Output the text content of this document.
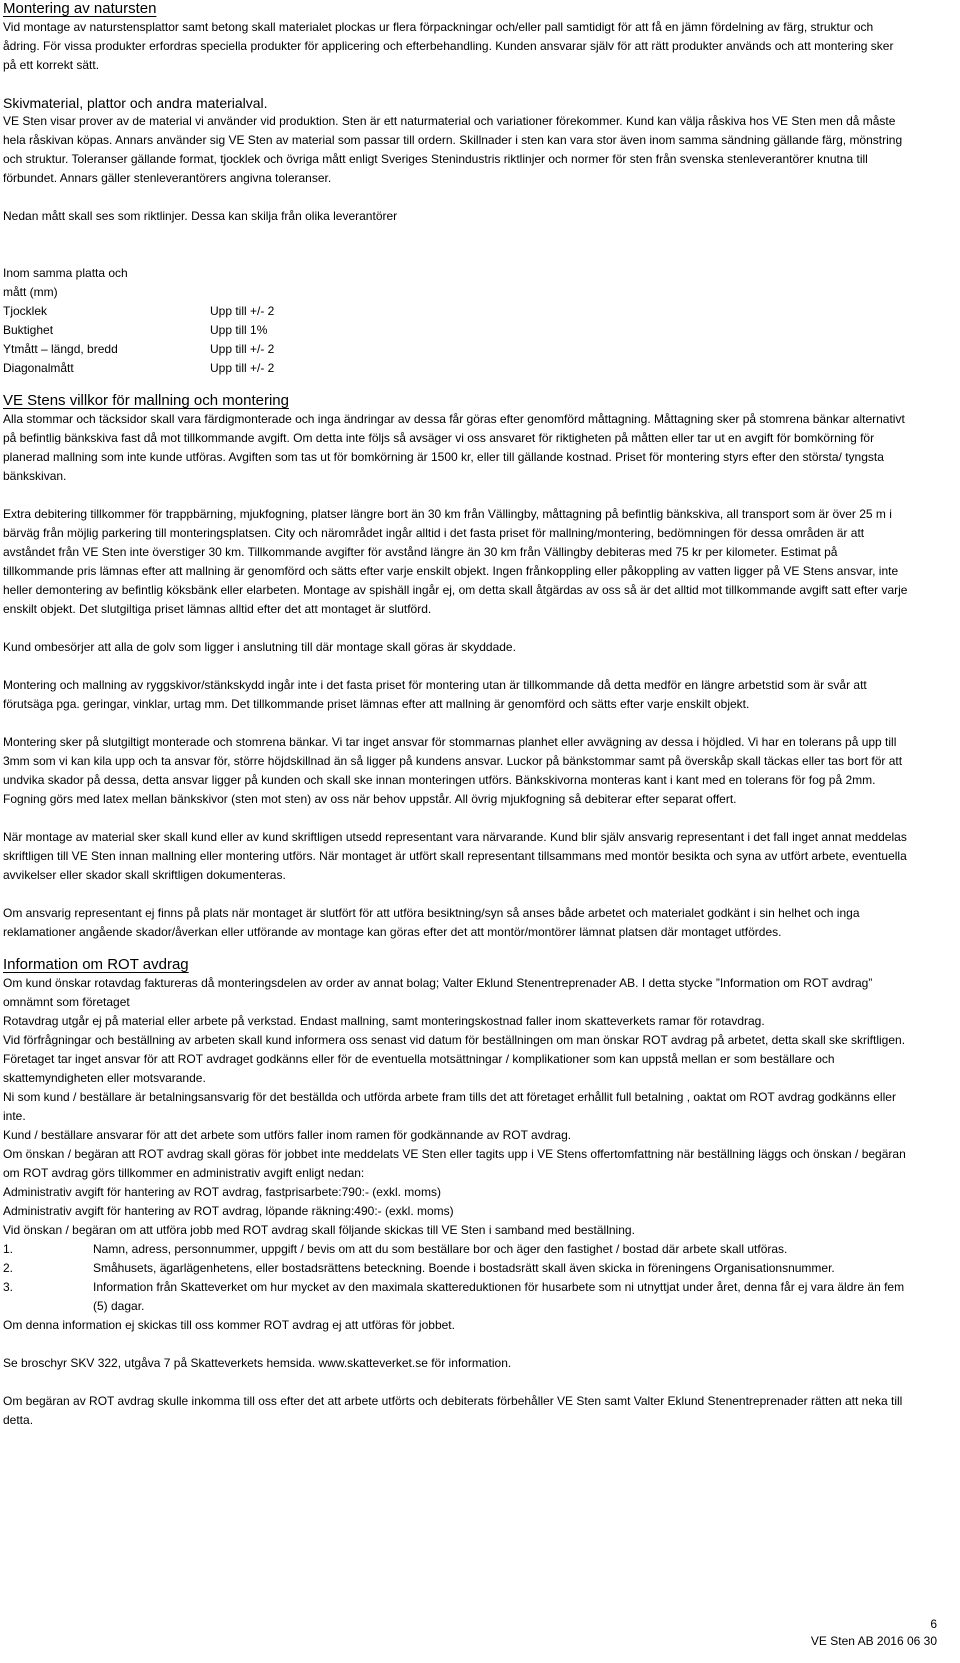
Montering av natursten

Vid montage av naturstensplattor samt betong skall materialet plockas ur flera förpackningar och/eller pall samtidigt för att få en jämn fördelning av färg, struktur och ådring. För vissa produkter erfordras speciella produkter för applicering och efterbehandling. Kunden ansvarar själv för att rätt produkter används och att montering sker på ett korrekt sätt.

Skivmaterial, plattor och andra materialval.

VE Sten visar prover av de material vi använder vid produktion. Sten är ett naturmaterial och variationer förekommer. Kund kan välja råskiva hos VE Sten men då måste hela råskivan köpas. Annars använder sig VE Sten av material som passar till ordern. Skillnader i sten kan vara stor även inom samma sändning gällande färg, mönstring och struktur. Toleranser gällande format, tjocklek och övriga mått enligt Sveriges Stenindustris riktlinjer och normer för sten från svenska stenleverantörer knutna till förbundet. Annars gäller stenleverantörers angivna toleranser.

Nedan mått skall ses som riktlinjer. Dessa kan skilja från olika leverantörer

Inom samma platta och mått (mm)
Tjocklek	Upp till +/- 2
Buktighet	Upp till 1%
Ytmått – längd, bredd	Upp till +/- 2
Diagonalmått	Upp till +/- 2
VE Stens villkor för mallning och montering

Alla stommar och täcksidor skall vara färdigmonterade och inga ändringar av dessa får göras efter genomförd måttagning. Måttagning sker på stomrena bänkar alternativt på befintlig bänkskiva fast då mot tillkommande avgift. Om detta inte följs så avsäger vi oss ansvaret för riktigheten på måtten eller tar ut en avgift för bomkörning för planerad mallning som inte kunde utföras. Avgiften som tas ut för bomkörning är 1500 kr, eller till gällande kostnad. Priset för montering styrs efter den största/ tyngsta bänkskivan.

Extra debitering tillkommer för trappbärning, mjukfogning, platser längre bort än 30 km från Vällingby, måttagning på befintlig bänkskiva, all transport som är över 25 m i bärväg från möjlig parkering till monteringsplatsen. City och närområdet ingår alltid i det fasta priset för mallning/montering, bedömningen för dessa områden är att avståndet från VE Sten inte överstiger 30 km. Tillkommande avgifter för avstånd längre än 30 km från Vällingby debiteras med 75 kr per kilometer. Estimat på tillkommande pris lämnas efter att mallning är genomförd och sätts efter varje enskilt objekt. Ingen frånkoppling eller påkoppling av vatten ligger på VE Stens ansvar, inte heller demontering av befintlig köksbänk eller elarbeten. Montage av spishäll ingår ej, om detta skall åtgärdas av oss så är det alltid mot tillkommande avgift satt efter varje enskilt objekt. Det slutgiltiga priset lämnas alltid efter det att montaget är slutförd.

Kund ombesörjer att alla de golv som ligger i anslutning till där montage skall göras är skyddade.

Montering och mallning av ryggskivor/stänkskydd ingår inte i det fasta priset för montering utan är tillkommande då detta medför en längre arbetstid som är svår att förutsäga pga. geringar, vinklar, urtag mm. Det tillkommande priset lämnas efter att mallning är genomförd och sätts efter varje enskilt objekt.

Montering sker på slutgiltigt monterade och stomrena bänkar. Vi tar inget ansvar för stommarnas planhet eller avvägning av dessa i höjdled. Vi har en tolerans på upp till 3mm som vi kan kila upp och ta ansvar för, större höjdskillnad än så ligger på kundens ansvar. Luckor på bänkstommar samt på överskåp skall täckas eller tas bort för att undvika skador på dessa, detta ansvar ligger på kunden och skall ske innan monteringen utförs. Bänkskivorna monteras kant i kant med en tolerans för fog på 2mm. Fogning görs med latex mellan bänkskivor (sten mot sten) av oss när behov uppstår. All övrig mjukfogning så debiterar efter separat offert.

När montage av material sker skall kund eller av kund skriftligen utsedd representant vara närvarande. Kund blir själv ansvarig representant i det fall inget annat meddelas skriftligen till VE Sten innan mallning eller montering utförs. När montaget är utfört skall representant tillsammans med montör besikta och syna av utfört arbete, eventuella avvikelser eller skador skall skriftligen dokumenteras.

Om ansvarig representant ej finns på plats när montaget är slutfört för att utföra besiktning/syn så anses både arbetet och materialet godkänt i sin helhet och inga reklamationer angående skador/åverkan eller utförande av montage kan göras efter det att montör/montörer lämnat platsen där montaget utfördes.

Information om ROT avdrag

Om kund önskar rotavdag faktureras då monteringsdelen av order av annat bolag; Valter Eklund Stenentreprenader AB. I detta stycke ”Information om ROT avdrag” omnämnt som företaget

Rotavdrag utgår ej på material eller arbete på verkstad. Endast mallning, samt monteringskostnad faller inom skatteverkets ramar för rotavdrag.

Vid förfrågningar och beställning av arbeten skall kund informera oss senast vid datum för beställningen om man önskar ROT avdrag på arbetet, detta skall ske skriftligen. Företaget tar inget ansvar för att ROT avdraget godkänns eller för de eventuella motsättningar / komplikationer som kan uppstå mellan er som beställare och skattemyndigheten eller motsvarande.

Ni som kund / beställare är betalningsansvarig för det beställda och utförda arbete fram tills det att företaget erhållit full betalning , oaktat om ROT avdrag godkänns eller inte.

Kund / beställare ansvarar för att det arbete som utförs faller inom ramen för godkännande av ROT avdrag.

Om önskan / begäran att ROT avdrag skall göras för jobbet inte meddelats VE Sten eller tagits upp i VE Stens offertomfattning när beställning läggs och önskan / begäran om ROT avdrag görs tillkommer en administrativ avgift enligt nedan:

Administrativ avgift för hantering av ROT avdrag, fastprisarbete:790:- (exkl. moms)

Administrativ avgift för hantering av ROT avdrag, löpande räkning:490:- (exkl. moms)

Vid önskan / begäran om att utföra jobb med ROT avdrag skall följande skickas till VE Sten i samband med beställning.

1.	Namn, adress, personnummer, uppgift / bevis om att du som beställare bor och äger den fastighet / bostad där arbete skall utföras.
2.	Småhusets, ägarlägenhetens, eller bostadsrättens beteckning. Boende i bostadsrätt skall även skicka in föreningens Organisationsnummer.
3.	Information från Skatteverket om hur mycket av den maximala skattereduktionen för husarbete som ni utnyttjat under året, denna får ej vara äldre än fem (5) dagar.

Om denna information ej skickas till oss kommer ROT avdrag ej att utföras för jobbet.

Se broschyr SKV 322, utgåva 7 på Skatteverkets hemsida. www.skatteverket.se för information.

Om begäran av ROT avdrag skulle inkomma till oss efter det att arbete utförts och debiterats förbehåller VE Sten samt Valter Eklund Stenentreprenader rätten att neka till detta.

6
VE Sten AB 2016 06 30
